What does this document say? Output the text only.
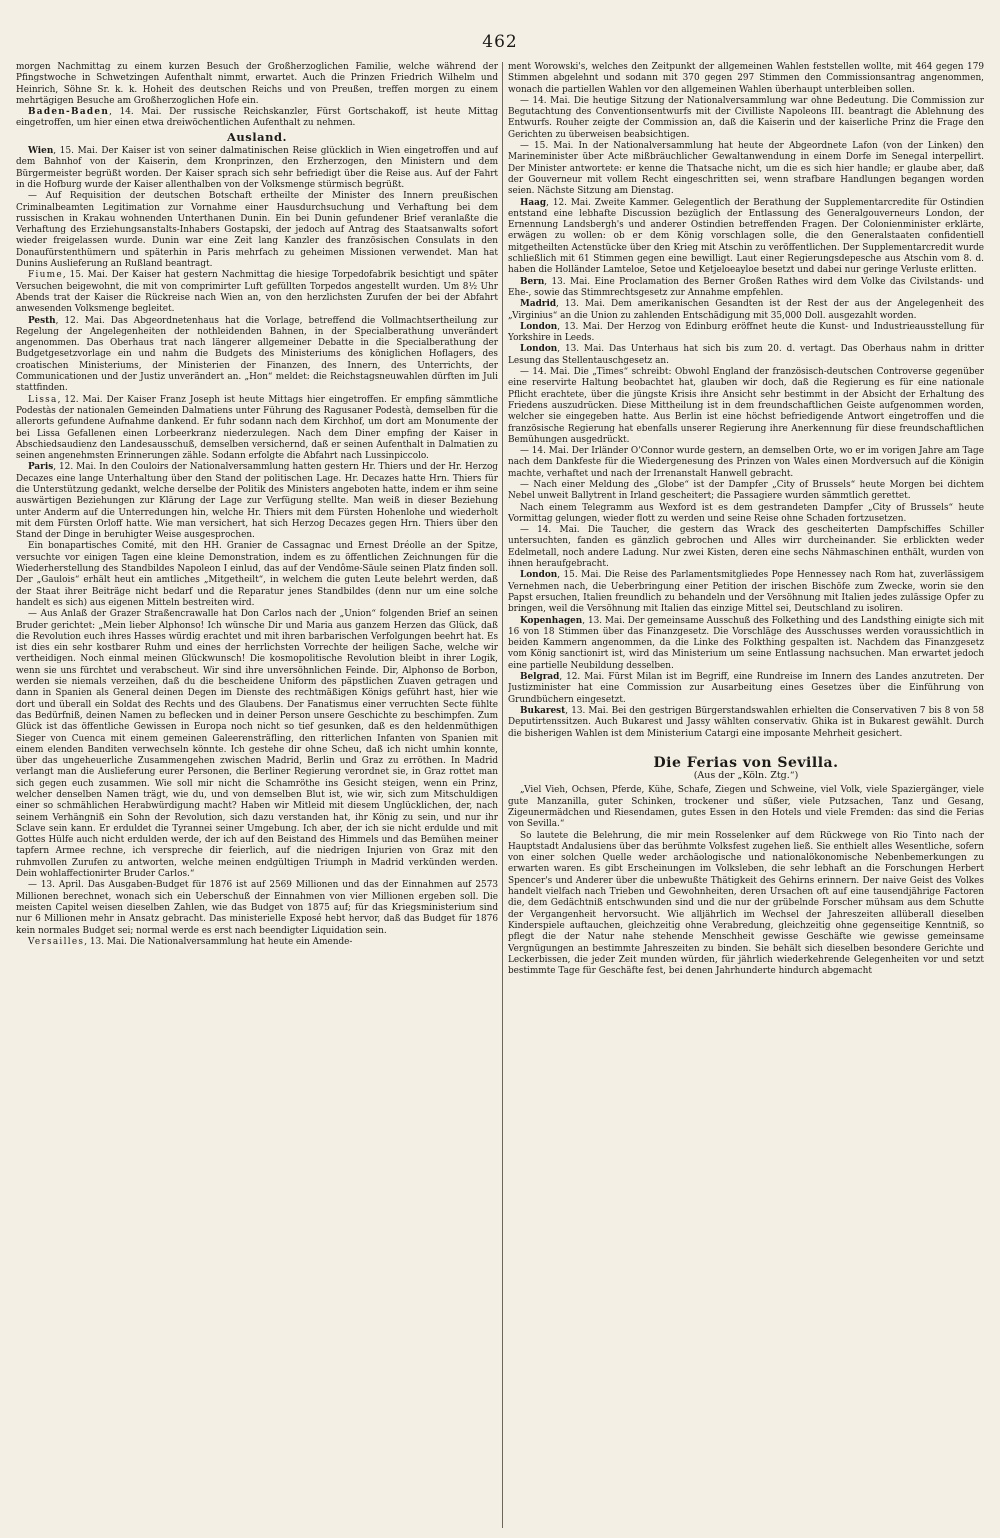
462

morgen Nachmittag zu einem kurzen Besuch der Großherzoglichen Familie, welche während der Pfingstwoche in Schwetzingen Aufenthalt nimmt, erwartet. Auch die Prinzen Friedrich Wilhelm und Heinrich, Söhne Sr. k. k. Hoheit des deutschen Reichs und von Preußen, treffen morgen zu einem mehrtägigen Besuche am Großherzoglichen Hofe ein.

Baden-Baden, 14. Mai. Der russische Reichskanzler, Fürst Gortschakoff, ist heute Mittag eingetroffen, um hier einen etwa dreiwöchentlichen Aufenthalt zu nehmen.

Ausland.

Wien, 15. Mai. Der Kaiser ist von seiner dalmatinischen Reise glücklich in Wien eingetroffen und auf dem Bahnhof von der Kaiserin, dem Kronprinzen, den Erzherzogen, den Ministern und dem Bürgermeister begrüßt worden. Der Kaiser sprach sich sehr befriedigt über die Reise aus. Auf der Fahrt in die Hofburg wurde der Kaiser allenthalben von der Volksmenge stürmisch begrüßt.

— Auf Requisition der deutschen Botschaft ertheilte der Minister des Innern preußischen Criminalbeamten Legitimation zur Vornahme einer Hausdurchsuchung und Verhaftung bei dem russischen in Krakau wohnenden Unterthanen Dunin. Ein bei Dunin gefundener Brief veranlaßte die Verhaftung des Erziehungsanstalts-Inhabers Gostapski, der jedoch auf Antrag des Staatsanwalts sofort wieder freigelassen wurde. Dunin war eine Zeit lang Kanzler des französischen Consulats in den Donaufürstenthümern und späterhin in Paris mehrfach zu geheimen Missionen verwendet. Man hat Dunins Auslieferung an Rußland beantragt.

Fiume, 15. Mai. Der Kaiser hat gestern Nachmittag die hiesige Torpedofabrik besichtigt und später Versuchen beigewohnt, die mit von comprimirter Luft gefüllten Torpedos angestellt wurden. Um 8½ Uhr Abends trat der Kaiser die Rückreise nach Wien an, von den herzlichsten Zurufen der bei der Abfahrt anwesenden Volksmenge begleitet.

Pesth, 12. Mai. Das Abgeordnetenhaus hat die Vorlage, betreffend die Vollmachtsertheilung zur Regelung der Angelegenheiten der nothleidenden Bahnen, in der Specialberathung unverändert angenommen. Das Oberhaus trat nach längerer allgemeiner Debatte in die Specialberathung der Budgetgesetzvorlage ein und nahm die Budgets des Ministeriums des königlichen Hoflagers, des croatischen Ministeriums, der Ministerien der Finanzen, des Innern, des Unterrichts, der Communicationen und der Justiz unverändert an. „Hon“ meldet: die Reichstagsneuwahlen dürften im Juli stattfinden.

Lissa, 12. Mai. Der Kaiser Franz Joseph ist heute Mittags hier eingetroffen. Er empfing sämmtliche Podestàs der nationalen Gemeinden Dalmatiens unter Führung des Ragusaner Podestà, demselben für die allerorts gefundene Aufnahme dankend. Er fuhr sodann nach dem Kirchhof, um dort am Monumente der bei Lissa Gefallenen einen Lorbeerkranz niederzulegen. Nach dem Diner empfing der Kaiser in Abschiedsaudienz den Landesausschuß, demselben versichernd, daß er seinen Aufenthalt in Dalmatien zu seinen angenehmsten Erinnerungen zähle. Sodann erfolgte die Abfahrt nach Lussinpiccolo.

Paris, 12. Mai. In den Couloirs der Nationalversammlung hatten gestern Hr. Thiers und der Hr. Herzog Decazes eine lange Unterhaltung über den Stand der politischen Lage. Hr. Decazes hatte Hrn. Thiers für die Unterstützung gedankt, welche derselbe der Politik des Ministers angeboten hatte, indem er ihm seine auswärtigen Beziehungen zur Klärung der Lage zur Verfügung stellte. Man weiß in dieser Beziehung unter Anderm auf die Unterredungen hin, welche Hr. Thiers mit dem Fürsten Hohenlohe und wiederholt mit dem Fürsten Orloff hatte. Wie man versichert, hat sich Herzog Decazes gegen Hrn. Thiers über den Stand der Dinge in beruhigter Weise ausgesprochen.

Ein bonapartisches Comité, mit den HH. Granier de Cassagnac und Ernest Dréolle an der Spitze, versuchte vor einigen Tagen eine kleine Demonstration, indem es zu öffentlichen Zeichnungen für die Wiederherstellung des Standbildes Napoleon I einlud, das auf der Vendôme-Säule seinen Platz finden soll. Der „Gaulois“ erhält heut ein amtliches „Mitgetheilt“, in welchem die guten Leute belehrt werden, daß der Staat ihrer Beiträge nicht bedarf und die Reparatur jenes Standbildes (denn nur um eine solche handelt es sich) aus eigenen Mitteln bestreiten wird.

— Aus Anlaß der Grazer Straßencrawalle hat Don Carlos nach der „Union“ folgenden Brief an seinen Bruder gerichtet: „Mein lieber Alphonso! Ich wünsche Dir und Maria aus ganzem Herzen das Glück, daß die Revolution euch ihres Hasses würdig erachtet und mit ihren barbarischen Verfolgungen beehrt hat. Es ist dies ein sehr kostbarer Ruhm und eines der herrlichsten Vorrechte der heiligen Sache, welche wir vertheidigen. Noch einmal meinen Glückwunsch! Die kosmopolitische Revolution bleibt in ihrer Logik, wenn sie uns fürchtet und verabscheut. Wir sind ihre unversöhnlichen Feinde. Dir, Alphonso de Borbon, werden sie niemals verzeihen, daß du die bescheidene Uniform des päpstlichen Zuaven getragen und dann in Spanien als General deinen Degen im Dienste des rechtmäßigen Königs geführt hast, hier wie dort und überall ein Soldat des Rechts und des Glaubens. Der Fanatismus einer verruchten Secte fühlte das Bedürfniß, deinen Namen zu beflecken und in deiner Person unsere Geschichte zu beschimpfen. Zum Glück ist das öffentliche Gewissen in Europa noch nicht so tief gesunken, daß es den heldenmüthigen Sieger von Cuenca mit einem gemeinen Galeerensträfling, den ritterlichen Infanten von Spanien mit einem elenden Banditen verwechseln könnte. Ich gestehe dir ohne Scheu, daß ich nicht umhin konnte, über das ungeheuerliche Zusammengehen zwischen Madrid, Berlin und Graz zu erröthen. In Madrid verlangt man die Auslieferung eurer Personen, die Berliner Regierung verordnet sie, in Graz rottet man sich gegen euch zusammen. Wie soll mir nicht die Schamröthe ins Gesicht steigen, wenn ein Prinz, welcher denselben Namen trägt, wie du, und von demselben Blut ist, wie wir, sich zum Mitschuldigen einer so schmählichen Herabwürdigung macht? Haben wir Mitleid mit diesem Unglücklichen, der, nach seinem Verhängniß ein Sohn der Revolution, sich dazu verstanden hat, ihr König zu sein, und nur ihr Sclave sein kann. Er erduldet die Tyrannei seiner Umgebung. Ich aber, der ich sie nicht erdulde und mit Gottes Hülfe auch nicht erdulden werde, der ich auf den Beistand des Himmels und das Bemühen meiner tapfern Armee rechne, ich verspreche dir feierlich, auf die niedrigen Injurien von Graz mit den ruhmvollen Zurufen zu antworten, welche meinen endgültigen Triumph in Madrid verkünden werden. Dein wohlaffectionirter Bruder Carlos.“

— 13. April. Das Ausgaben-Budget für 1876 ist auf 2569 Millionen und das der Einnahmen auf 2573 Millionen berechnet, wonach sich ein Ueberschuß der Einnahmen von vier Millionen ergeben soll. Die meisten Capitel weisen dieselben Zahlen, wie das Budget von 1875 auf; für das Kriegsministerium sind nur 6 Millionen mehr in Ansatz gebracht. Das ministerielle Exposé hebt hervor, daß das Budget für 1876 kein normales Budget sei; normal werde es erst nach beendigter Liquidation sein.

Versailles, 13. Mai. Die Nationalversammlung hat heute ein Amende-

ment Worowski's, welches den Zeitpunkt der allgemeinen Wahlen feststellen wollte, mit 464 gegen 179 Stimmen abgelehnt und sodann mit 370 gegen 297 Stimmen den Commissionsantrag angenommen, wonach die partiellen Wahlen vor den allgemeinen Wahlen überhaupt unterbleiben sollen.

— 14. Mai. Die heutige Sitzung der Nationalversammlung war ohne Bedeutung. Die Commission zur Begutachtung des Conventionsentwurfs mit der Civilliste Napoleons III. beantragt die Ablehnung des Entwurfs. Rouher zeigte der Commission an, daß die Kaiserin und der kaiserliche Prinz die Frage den Gerichten zu überweisen beabsichtigen.

— 15. Mai. In der Nationalversammlung hat heute der Abgeordnete Lafon (von der Linken) den Marineminister über Acte mißbräuchlicher Gewaltanwendung in einem Dorfe im Senegal interpellirt. Der Minister antwortete: er kenne die Thatsache nicht, um die es sich hier handle; er glaube aber, daß der Gouverneur mit vollem Recht eingeschritten sei, wenn strafbare Handlungen begangen worden seien. Nächste Sitzung am Dienstag.

Haag, 12. Mai. Zweite Kammer. Gelegentlich der Berathung der Supplementarcredite für Ostindien entstand eine lebhafte Discussion bezüglich der Entlassung des Generalgouverneurs London, der Ernennung Landsbergh's und anderer Ostindien betreffenden Fragen. Der Colonienminister erklärte, erwägen zu wollen: ob er dem König vorschlagen solle, die den Generalstaaten confidentiell mitgetheilten Actenstücke über den Krieg mit Atschin zu veröffentlichen. Der Supplementarcredit wurde schließlich mit 61 Stimmen gegen eine bewilligt. Laut einer Regierungsdepesche aus Atschin vom 8. d. haben die Holländer Lamteloe, Setoe und Ketjeloeayloe besetzt und dabei nur geringe Verluste erlitten.

Bern, 13. Mai. Eine Proclamation des Berner Großen Rathes wird dem Volke das Civilstands- und Ehe-, sowie das Stimmrechtsgesetz zur Annahme empfehlen.

Madrid, 13. Mai. Dem amerikanischen Gesandten ist der Rest der aus der Angelegenheit des „Virginius“ an die Union zu zahlenden Entschädigung mit 35,000 Doll. ausgezahlt worden.

London, 13. Mai. Der Herzog von Edinburg eröffnet heute die Kunst- und Industrieausstellung für Yorkshire in Leeds.

London, 13. Mai. Das Unterhaus hat sich bis zum 20. d. vertagt. Das Oberhaus nahm in dritter Lesung das Stellentauschgesetz an.

— 14. Mai. Die „Times“ schreibt: Obwohl England der französisch-deutschen Controverse gegenüber eine reservirte Haltung beobachtet hat, glauben wir doch, daß die Regierung es für eine nationale Pflicht erachtete, über die jüngste Krisis ihre Ansicht sehr bestimmt in der Absicht der Erhaltung des Friedens auszudrücken. Diese Mittheilung ist in dem freundschaftlichen Geiste aufgenommen worden, welcher sie eingegeben hatte. Aus Berlin ist eine höchst befriedigende Antwort eingetroffen und die französische Regierung hat ebenfalls unserer Regierung ihre Anerkennung für diese freundschaftlichen Bemühungen ausgedrückt.

— 14. Mai. Der Irländer O'Connor wurde gestern, an demselben Orte, wo er im vorigen Jahre am Tage nach dem Dankfeste für die Wiedergenesung des Prinzen von Wales einen Mordversuch auf die Königin machte, verhaftet und nach der Irrenanstalt Hanwell gebracht.

— Nach einer Meldung des „Globe“ ist der Dampfer „City of Brussels“ heute Morgen bei dichtem Nebel unweit Ballytrent in Irland gescheitert; die Passagiere wurden sämmtlich gerettet.

Nach einem Telegramm aus Wexford ist es dem gestrandeten Dampfer „City of Brussels“ heute Vormittag gelungen, wieder flott zu werden und seine Reise ohne Schaden fortzusetzen.

— 14. Mai. Die Taucher, die gestern das Wrack des gescheiterten Dampfschiffes Schiller untersuchten, fanden es gänzlich gebrochen und Alles wirr durcheinander. Sie erblickten weder Edelmetall, noch andere Ladung. Nur zwei Kisten, deren eine sechs Nähmaschinen enthält, wurden von ihnen heraufgebracht.

London, 15. Mai. Die Reise des Parlamentsmitgliedes Pope Hennessey nach Rom hat, zuverlässigem Vernehmen nach, die Ueberbringung einer Petition der irischen Bischöfe zum Zwecke, worin sie den Papst ersuchen, Italien freundlich zu behandeln und der Versöhnung mit Italien jedes zulässige Opfer zu bringen, weil die Versöhnung mit Italien das einzige Mittel sei, Deutschland zu isoliren.

Kopenhagen, 13. Mai. Der gemeinsame Ausschuß des Folkething und des Landsthing einigte sich mit 16 von 18 Stimmen über das Finanzgesetz. Die Vorschläge des Ausschusses werden voraussichtlich in beiden Kammern angenommen, da die Linke des Folkthing gespalten ist. Nachdem das Finanzgesetz vom König sanctionirt ist, wird das Ministerium um seine Entlassung nachsuchen. Man erwartet jedoch eine partielle Neubildung desselben.

Belgrad, 12. Mai. Fürst Milan ist im Begriff, eine Rundreise im Innern des Landes anzutreten. Der Justizminister hat eine Commission zur Ausarbeitung eines Gesetzes über die Einführung von Grundbüchern eingesetzt.

Bukarest, 13. Mai. Bei den gestrigen Bürgerstandswahlen erhielten die Conservativen 7 bis 8 von 58 Deputirtenssitzen. Auch Bukarest und Jassy wählten conservativ. Ghika ist in Bukarest gewählt. Durch die bisherigen Wahlen ist dem Ministerium Catargi eine imposante Mehrheit gesichert.

Die Ferias von Sevilla.
(Aus der „Köln. Ztg.“)

„Viel Vieh, Ochsen, Pferde, Kühe, Schafe, Ziegen und Schweine, viel Volk, viele Spaziergänger, viele gute Manzanilla, guter Schinken, trockener und süßer, viele Putzsachen, Tanz und Gesang, Zigeunermädchen und Riesendamen, gutes Essen in den Hotels und viele Fremden: das sind die Ferias von Sevilla.“

So lautete die Belehrung, die mir mein Rosselenker auf dem Rückwege von Rio Tinto nach der Hauptstadt Andalusiens über das berühmte Volksfest zugehen ließ. Sie enthielt alles Wesentliche, sofern von einer solchen Quelle weder archäologische und nationalökonomische Nebenbemerkungen zu erwarten waren. Es gibt Erscheinungen im Volksleben, die sehr lebhaft an die Forschungen Herbert Spencer's und Anderer über die unbewußte Thätigkeit des Gehirns erinnern. Der naive Geist des Volkes handelt vielfach nach Trieben und Gewohnheiten, deren Ursachen oft auf eine tausendjährige Factoren die, dem Gedächtniß entschwunden sind und die nur der grübelnde Forscher mühsam aus dem Schutte der Vergangenheit hervorsucht. Wie alljährlich im Wechsel der Jahreszeiten allüberall dieselben Kinderspiele auftauchen, gleichzeitig ohne Verabredung, gleichzeitig ohne gegenseitige Kenntniß, so pflegt die der Natur nahe stehende Menschheit gewisse Geschäfte wie gewisse gemeinsame Vergnügungen an bestimmte Jahreszeiten zu binden. Sie behält sich dieselben besondere Gerichte und Leckerbissen, die jeder Zeit munden würden, für jährlich wiederkehrende Gelegenheiten vor und setzt bestimmte Tage für Geschäfte fest, bei denen Jahrhunderte hindurch abgemacht
